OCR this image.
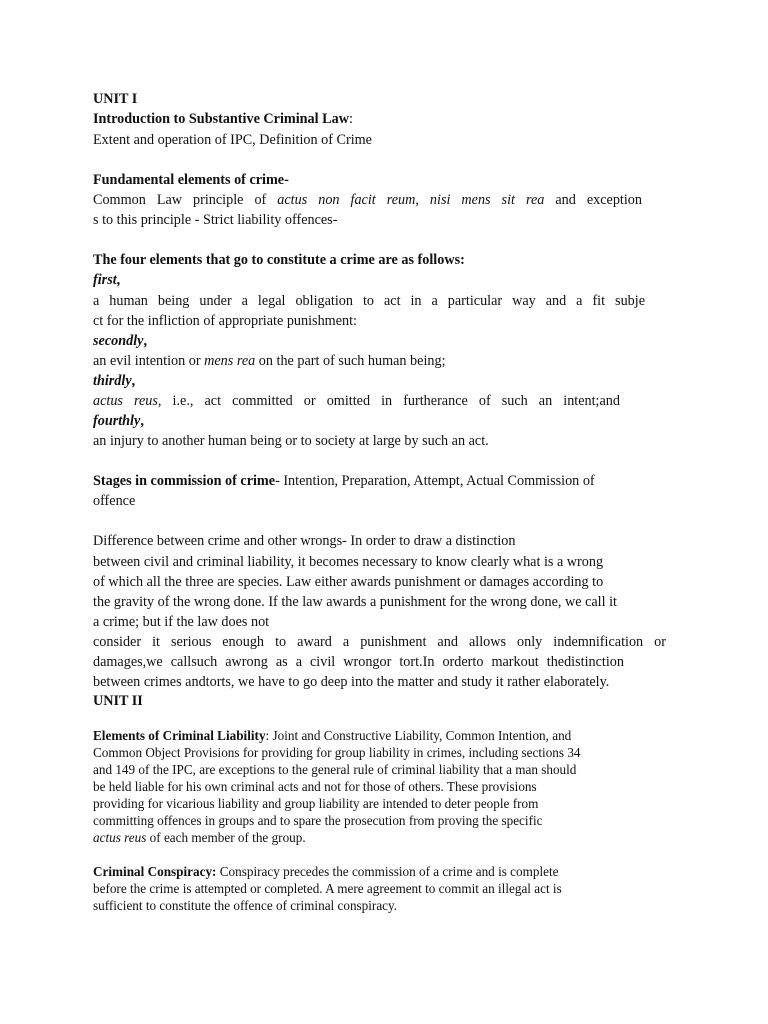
UNIT I
Introduction to Substantive Criminal Law:
Extent and operation of IPC, Definition of Crime
Fundamental elements of crime-
Common Law principle of actus non facit reum, nisi mens sit rea and exception
s to this principle - Strict liability offences-
The four elements that go to constitute a crime are as follows:
first,
a human being under a legal obligation to act in a particular way and a fit subje
ct for the infliction of appropriate punishment:
secondly,
an evil intention or mens rea on the part of such human being;
thirdly,
actus reus, i.e., act committed or omitted in furtherance of such an intent;and
fourthly,
an injury to another human being or to society at large by such an act.
Stages in commission of crime- Intention, Preparation, Attempt, Actual Commission of
offence
Difference between crime and other wrongs- In order to draw a distinction
between civil and criminal liability, it becomes necessary to know clearly what is a wrong
of which all the three are species. Law either awards punishment or damages according to
the gravity of the wrong done. If the law awards a punishment for the wrong done, we call it
a crime; but if the law does not
consider it serious enough to award a punishment and allows only indemnification or
damages,we callsuch awrong as a civil wrongor tort.In orderto markout thedistinction
between crimes andtorts, we have to go deep into the matter and study it rather elaborately.
UNIT II
Elements of Criminal Liability: Joint and Constructive Liability, Common Intention, and
Common Object Provisions for providing for group liability in crimes, including sections 34
and 149 of the IPC, are exceptions to the general rule of criminal liability that a man should
be held liable for his own criminal acts and not for those of others. These provisions
providing for vicarious liability and group liability are intended to deter people from
committing offences in groups and to spare the prosecution from proving the specific
actus reus of each member of the group.
Criminal Conspiracy: Conspiracy precedes the commission of a crime and is complete
before the crime is attempted or completed. A mere agreement to commit an illegal act is
sufficient to constitute the offence of criminal conspiracy.
